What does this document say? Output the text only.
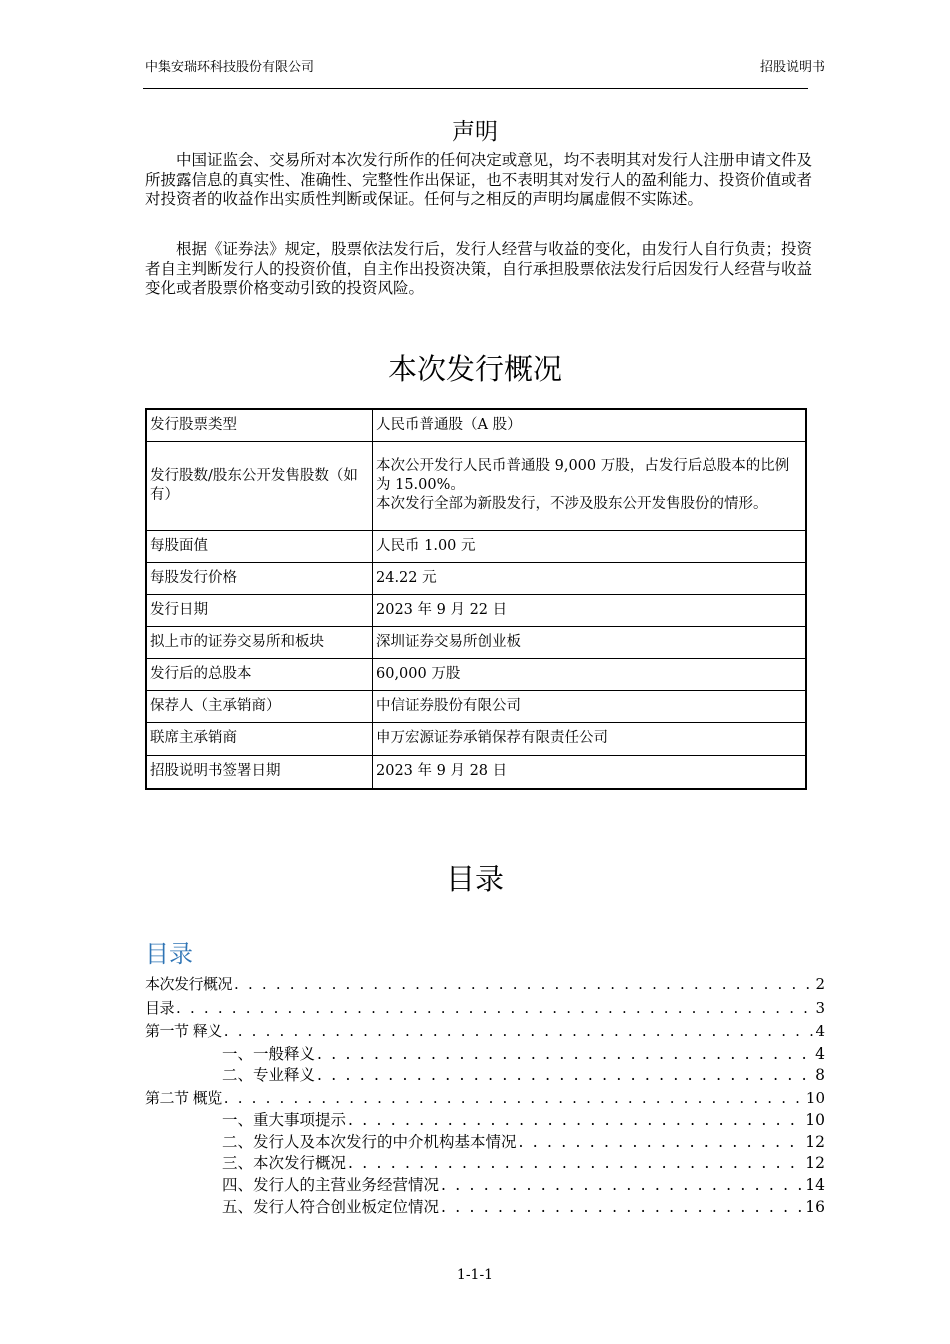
中集安瑞环科技股份有限公司	招股说明书
声明

中国证监会、交易所对本次发行所作的任何决定或意见，均不表明其对发行人注册申请文件及所披露信息的真实性、准确性、完整性作出保证，也不表明其对发行人的盈利能力、投资价值或者对投资者的收益作出实质性判断或保证。任何与之相反的声明均属虚假不实陈述。

根据《证券法》规定，股票依法发行后，发行人经营与收益的变化，由发行人自行负责；投资者自主判断发行人的投资价值，自主作出投资决策，自行承担股票依法发行后因发行人经营与收益变化或者股票价格变动引致的投资风险。

本次发行概况
发行股票类型	人民币普通股（A 股）
发行股数/股东公开发售股数（如有）	本次公开发行人民币普通股 9,000 万股，占发行后总股本的比例为 15.00%。
本次发行全部为新股发行，不涉及股东公开发售股份的情形。

每股面值	人民币 1.00 元
每股发行价格	24.22 元
发行日期	2023 年 9 月 22 日
拟上市的证券交易所和板块	深圳证券交易所创业板
发行后的总股本	60,000 万股
保荐人（主承销商）	中信证券股份有限公司
联席主承销商	申万宏源证券承销保荐有限责任公司
招股说明书签署日期	2023 年 9 月 28 日
目录
目录
本次发行概况 . . .	2
目录 . . .	3
第一节 释义 . . .	4
一、一般释义 . . .	4
二、专业释义 . . .	8
第二节 概览 . . .	10
一、重大事项提示 . . .	10
二、发行人及本次发行的中介机构基本情况 . . .	12
三、本次发行概况 . . .	12
四、发行人的主营业务经营情况 . . .	14
五、发行人符合创业板定位情况 . . .	16
1-1-1
